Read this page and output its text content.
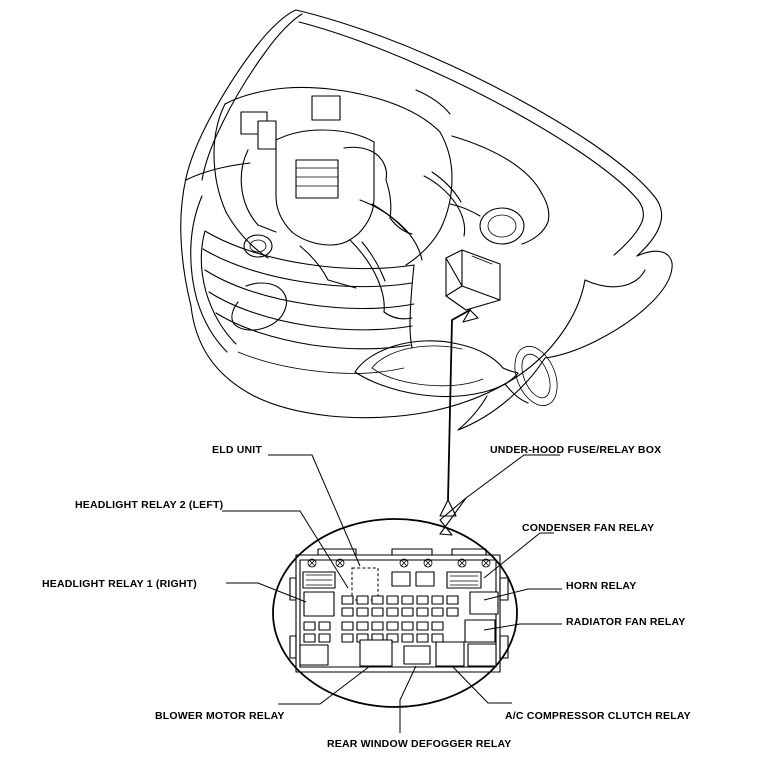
ELD UNIT	UNDER-HOOD FUSE/RELAY BOX
HEADLIGHT RELAY 2 (LEFT)
CONDENSER FAN RELAY
HEADLIGHT RELAY 1 (RIGHT)	HORN RELAY
RADIATOR FAN RELAY
BLOWER MOTOR RELAY	A/C COMPRESSOR CLUTCH RELAY
REAR WINDOW DEFOGGER RELAY
